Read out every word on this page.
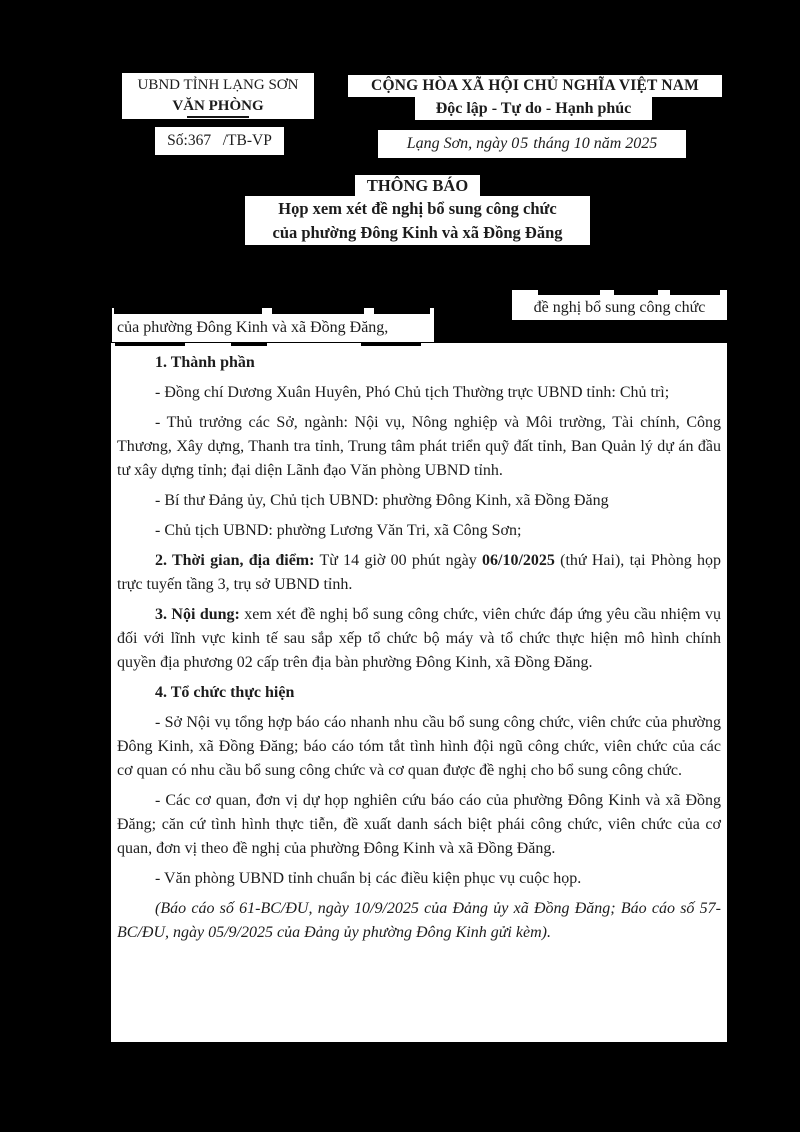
UBND TỈNH LẠNG SƠN
VĂN PHÒNG
Số:367   /TB-VP
CỘNG HÒA XÃ HỘI CHỦ NGHĨA VIỆT NAM
Độc lập - Tự do - Hạnh phúc
Lạng Sơn, ngày 05 tháng 10 năm 2025
THÔNG BÁO
Họp xem xét đề nghị bổ sung công chức
của phường Đông Kinh và xã Đồng Đăng
đề nghị bổ sung công chức
của phường Đông Kinh và xã Đồng Đăng,

1. Thành phần

- Đồng chí Dương Xuân Huyên, Phó Chủ tịch Thường trực UBND tỉnh: Chủ trì;

- Thủ trưởng các Sở, ngành: Nội vụ, Nông nghiệp và Môi trường, Tài chính, Công Thương, Xây dựng, Thanh tra tỉnh, Trung tâm phát triển quỹ đất tỉnh, Ban Quản lý dự án đầu tư xây dựng tỉnh; đại diện Lãnh đạo Văn phòng UBND tỉnh.

- Bí thư Đảng ủy, Chủ tịch UBND: phường Đông Kinh, xã Đồng Đăng

- Chủ tịch UBND: phường Lương Văn Tri, xã Công Sơn;

2. Thời gian, địa điểm: Từ 14 giờ 00 phút ngày 06/10/2025 (thứ Hai), tại Phòng họp trực tuyến tầng 3, trụ sở UBND tỉnh.

3. Nội dung: xem xét đề nghị bổ sung công chức, viên chức đáp ứng yêu cầu nhiệm vụ đối với lĩnh vực kinh tế sau sắp xếp tổ chức bộ máy và tổ chức thực hiện mô hình chính quyền địa phương 02 cấp trên địa bàn phường Đông Kinh, xã Đồng Đăng.

4. Tổ chức thực hiện

- Sở Nội vụ tổng hợp báo cáo nhanh nhu cầu bổ sung công chức, viên chức của phường Đông Kinh, xã Đồng Đăng; báo cáo tóm tắt tình hình đội ngũ công chức, viên chức của các cơ quan có nhu cầu bổ sung công chức và cơ quan được đề nghị cho bổ sung công chức.

- Các cơ quan, đơn vị dự họp nghiên cứu báo cáo của phường Đông Kinh và xã Đồng Đăng; căn cứ tình hình thực tiễn, đề xuất danh sách biệt phái công chức, viên chức của cơ quan, đơn vị theo đề nghị của phường Đông Kinh và xã Đồng Đăng.

- Văn phòng UBND tỉnh chuẩn bị các điều kiện phục vụ cuộc họp.

(Báo cáo số 61-BC/ĐU, ngày 10/9/2025 của Đảng ủy xã Đồng Đăng; Báo cáo số 57-BC/ĐU, ngày 05/9/2025 của Đảng ủy phường Đông Kinh gửi kèm).
